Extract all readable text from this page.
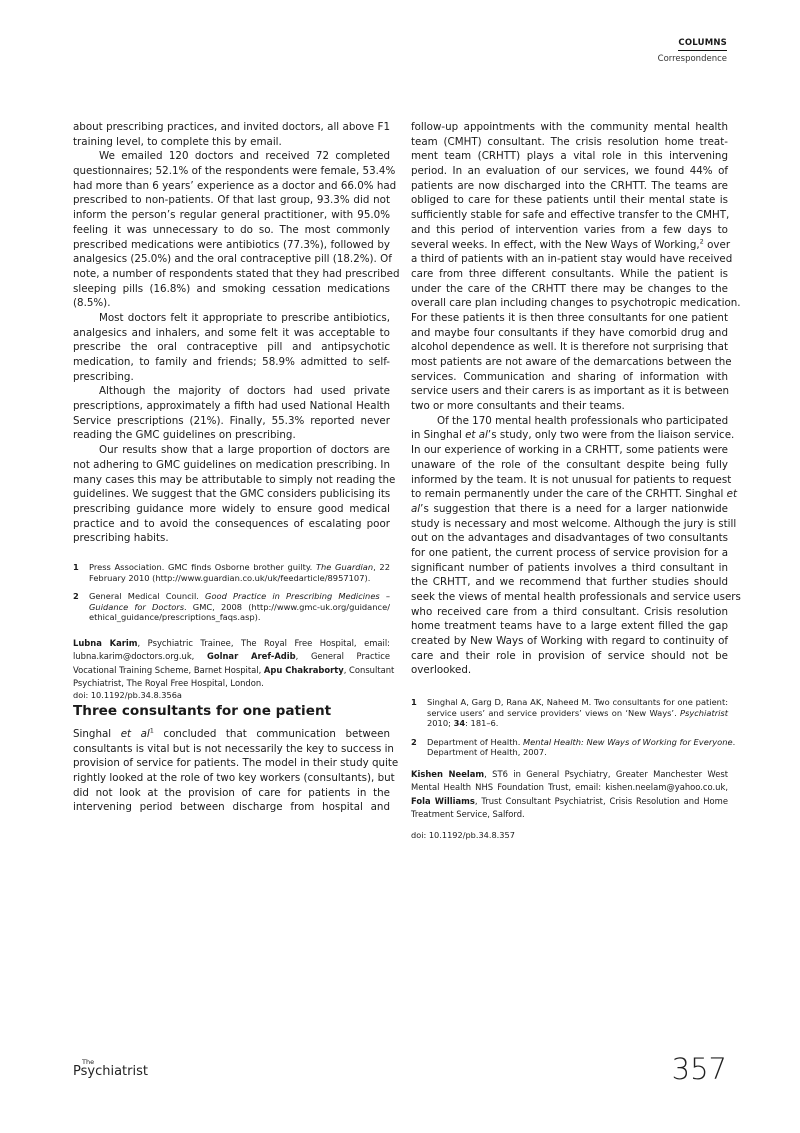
COLUMNS
Correspondence
about prescribing practices, and invited doctors, all above F1
training level, to complete this by email.
We emailed 120 doctors and received 72 completed
questionnaires; 52.1% of the respondents were female, 53.4%
had more than 6 years’ experience as a doctor and 66.0% had
prescribed to non-patients. Of that last group, 93.3% did not
inform the person’s regular general practitioner, with 95.0%
feeling it was unnecessary to do so. The most commonly
prescribed medications were antibiotics (77.3%), followed by
analgesics (25.0%) and the oral contraceptive pill (18.2%). Of
note, a number of respondents stated that they had prescribed
sleeping pills (16.8%) and smoking cessation medications
(8.5%).
Most doctors felt it appropriate to prescribe antibiotics,
analgesics and inhalers, and some felt it was acceptable to
prescribe the oral contraceptive pill and antipsychotic
medication, to family and friends; 58.9% admitted to self-
prescribing.
Although the majority of doctors had used private
prescriptions, approximately a fifth had used National Health
Service prescriptions (21%). Finally, 55.3% reported never
reading the GMC guidelines on prescribing.
Our results show that a large proportion of doctors are
not adhering to GMC guidelines on medication prescribing. In
many cases this may be attributable to simply not reading the
guidelines. We suggest that the GMC considers publicising its
prescribing guidance more widely to ensure good medical
practice and to avoid the consequences of escalating poor
prescribing habits.
1 Press Association. GMC finds Osborne brother guilty. The Guardian, 22
February 2010 (http://www.guardian.co.uk/uk/feedarticle/8957107).
2 General Medical Council. Good Practice in Prescribing Medicines –
Guidance for Doctors. GMC, 2008 (http://www.gmc-uk.org/guidance/
ethical_guidance/prescriptions_faqs.asp).
Lubna Karim, Psychiatric Trainee, The Royal Free Hospital, email:
lubna.karim@doctors.org.uk, Golnar Aref-Adib, General Practice
Vocational Training Scheme, Barnet Hospital, Apu Chakraborty, Consultant
Psychiatrist, The Royal Free Hospital, London.
doi: 10.1192/pb.34.8.356a
Three consultants for one patient
Singhal et $al^1$ concluded that communication between
consultants is vital but is not necessarily the key to success in
provision of service for patients. The model in their study quite
rightly looked at the role of two key workers (consultants), but
did not look at the provision of care for patients in the
intervening period between discharge from hospital and
follow-up appointments with the community mental health
team (CMHT) consultant. The crisis resolution home treat-
ment team (CRHTT) plays a vital role in this intervening
period. In an evaluation of our services, we found 44% of
patients are now discharged into the CRHTT. The teams are
obliged to care for these patients until their mental state is
sufficiently stable for safe and effective transfer to the CMHT,
and this period of intervention varies from a few days to
several weeks. In effect, with the New Ways of Working,$^2$ over
a third of patients with an in-patient stay would have received
care from three different consultants. While the patient is
under the care of the CRHTT there may be changes to the
overall care plan including changes to psychotropic medication.
For these patients it is then three consultants for one patient
and maybe four consultants if they have comorbid drug and
alcohol dependence as well. It is therefore not surprising that
most patients are not aware of the demarcations between the
services. Communication and sharing of information with
service users and their carers is as important as it is between
two or more consultants and their teams.
Of the 170 mental health professionals who participated
in Singhal et al’s study, only two were from the liaison service.
In our experience of working in a CRHTT, some patients were
unaware of the role of the consultant despite being fully
informed by the team. It is not unusual for patients to request
to remain permanently under the care of the CRHTT. Singhal et
al’s suggestion that there is a need for a larger nationwide
study is necessary and most welcome. Although the jury is still
out on the advantages and disadvantages of two consultants
for one patient, the current process of service provision for a
significant number of patients involves a third consultant in
the CRHTT, and we recommend that further studies should
seek the views of mental health professionals and service users
who received care from a third consultant. Crisis resolution
home treatment teams have to a large extent filled the gap
created by New Ways of Working with regard to continuity of
care and their role in provision of service should not be
overlooked.
1 Singhal A, Garg D, Rana AK, Naheed M. Two consultants for one patient:
service users’ and service providers’ views on ‘New Ways’. Psychiatrist
2010; 34: 181–6.
2 Department of Health. Mental Health: New Ways of Working for Everyone.
Department of Health, 2007.
Kishen Neelam, ST6 in General Psychiatry, Greater Manchester West
Mental Health NHS Foundation Trust, email: kishen.neelam@yahoo.co.uk,
Fola Williams, Trust Consultant Psychiatrist, Crisis Resolution and Home
Treatment Service, Salford.
doi: 10.1192/pb.34.8.357
The
Psychiatrist	357
